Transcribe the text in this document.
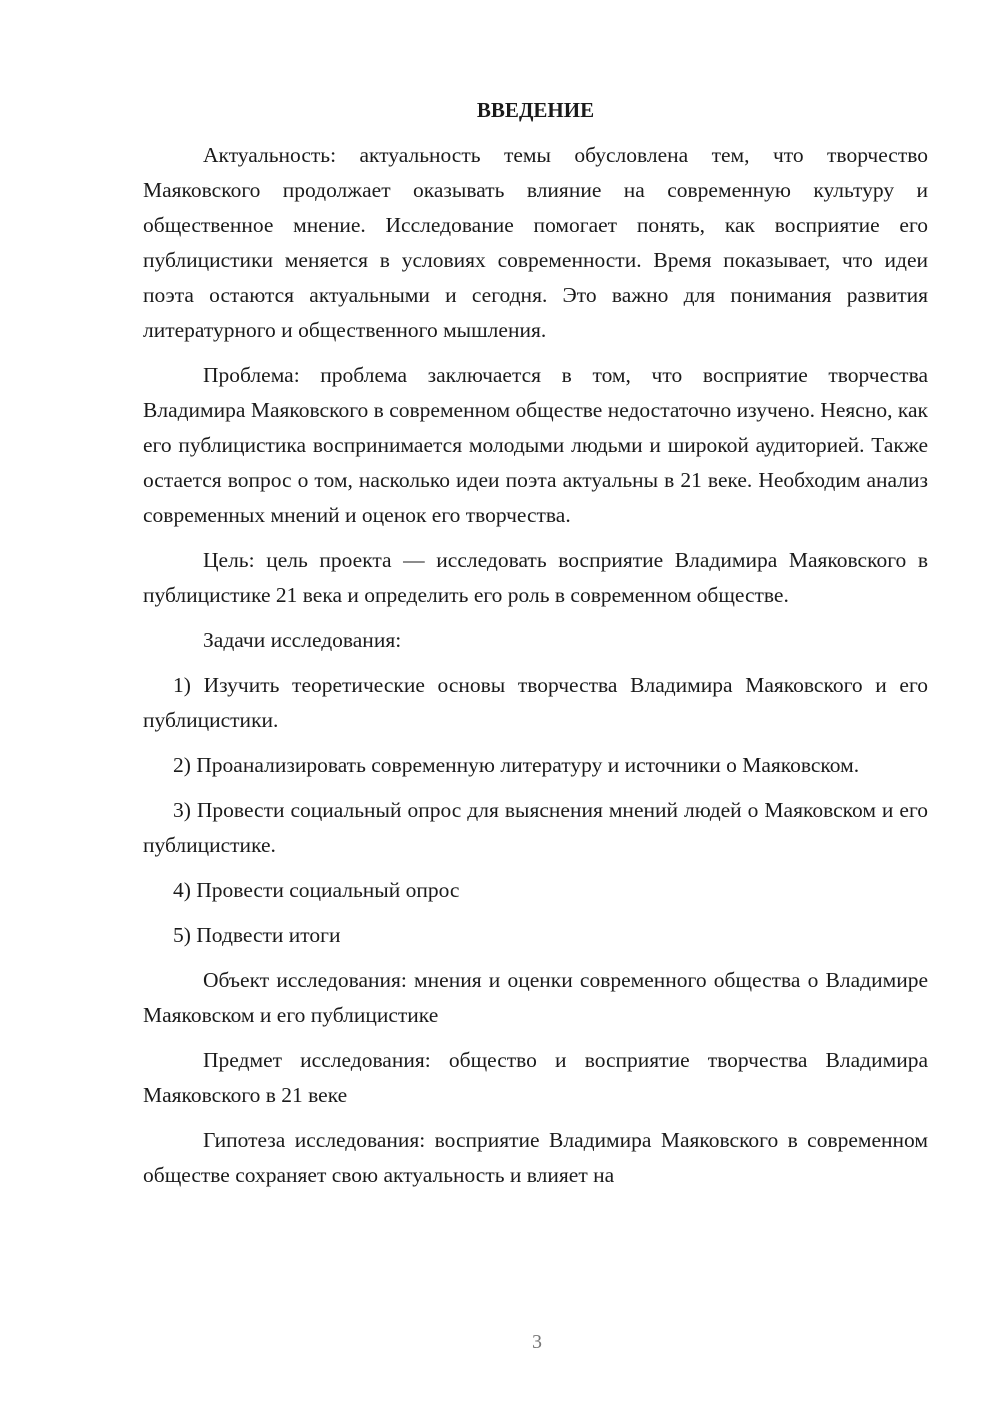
ВВЕДЕНИЕ

Актуальность: актуальность темы обусловлена тем, что творчество Маяковского продолжает оказывать влияние на современную культуру и общественное мнение. Исследование помогает понять, как восприятие его публицистики меняется в условиях современности. Время показывает, что идеи поэта остаются актуальными и сегодня. Это важно для понимания развития литературного и общественного мышления.

Проблема: проблема заключается в том, что восприятие творчества Владимира Маяковского в современном обществе недостаточно изучено. Неясно, как его публицистика воспринимается молодыми людьми и широкой аудиторией. Также остается вопрос о том, насколько идеи поэта актуальны в 21 веке. Необходим анализ современных мнений и оценок его творчества.

Цель: цель проекта — исследовать восприятие Владимира Маяковского в публицистике 21 века и определить его роль в современном обществе.

Задачи исследования:

1) Изучить теоретические основы творчества Владимира Маяковского и его публицистики.

2) Проанализировать современную литературу и источники о Маяковском.

3) Провести социальный опрос для выяснения мнений людей о Маяковском и его публицистике.

4) Провести социальный опрос

5) Подвести итоги

Объект исследования: мнения и оценки современного общества о Владимире Маяковском и его публицистике

Предмет исследования: общество и восприятие творчества Владимира Маяковского в 21 веке

Гипотеза исследования: восприятие Владимира Маяковского в современном обществе сохраняет свою актуальность и влияет на

3
